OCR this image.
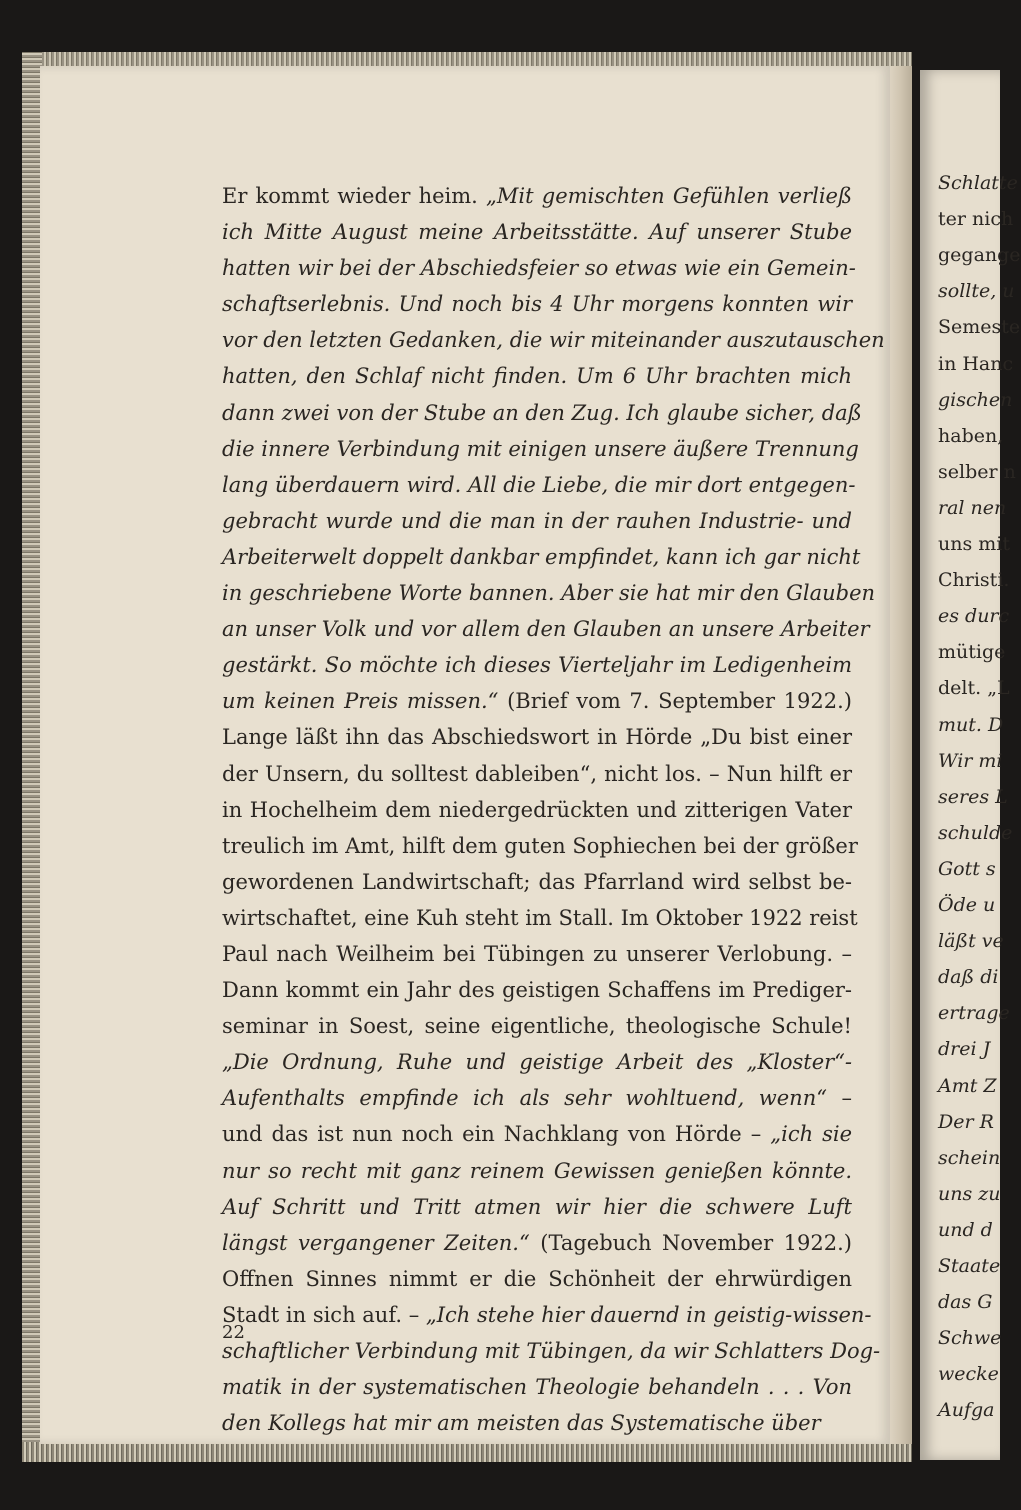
Er kommt wieder heim. „Mit gemischten Gefühlen verließ
ich Mitte August meine Arbeitsstätte. Auf unserer Stube
hatten wir bei der Abschiedsfeier so etwas wie ein Gemein-
schaftserlebnis. Und noch bis 4 Uhr morgens konnten wir
vor den letzten Gedanken, die wir miteinander auszutauschen
hatten, den Schlaf nicht finden. Um 6 Uhr brachten mich
dann zwei von der Stube an den Zug. Ich glaube sicher, daß
die innere Verbindung mit einigen unsere äußere Trennung
lang überdauern wird. All die Liebe, die mir dort entgegen-
gebracht wurde und die man in der rauhen Industrie- und
Arbeiterwelt doppelt dankbar empfindet, kann ich gar nicht
in geschriebene Worte bannen. Aber sie hat mir den Glauben
an unser Volk und vor allem den Glauben an unsere Arbeiter
gestärkt. So möchte ich dieses Vierteljahr im Ledigenheim
um keinen Preis missen.“ (Brief vom 7. September 1922.)
Lange läßt ihn das Abschiedswort in Hörde „Du bist einer
der Unsern, du solltest dableiben“, nicht los. – Nun hilft er
in Hochelheim dem niedergedrückten und zitterigen Vater
treulich im Amt, hilft dem guten Sophiechen bei der größer
gewordenen Landwirtschaft; das Pfarrland wird selbst be-
wirtschaftet, eine Kuh steht im Stall. Im Oktober 1922 reist
Paul nach Weilheim bei Tübingen zu unserer Verlobung. –
Dann kommt ein Jahr des geistigen Schaffens im Prediger-
seminar in Soest, seine eigentliche, theologische Schule!
„Die Ordnung, Ruhe und geistige Arbeit des „Kloster“-
Aufenthalts empfinde ich als sehr wohltuend, wenn“ –
und das ist nun noch ein Nachklang von Hörde – „ich sie
nur so recht mit ganz reinem Gewissen genießen könnte.
Auf Schritt und Tritt atmen wir hier die schwere Luft
längst vergangener Zeiten.“ (Tagebuch November 1922.)
Offnen Sinnes nimmt er die Schönheit der ehrwürdigen
Stadt in sich auf. – „Ich stehe hier dauernd in geistig-wissen-
schaftlicher Verbindung mit Tübingen, da wir Schlatters Dog-
matik in der systematischen Theologie behandeln . . . Von
den Kollegs hat mir am meisten das Systematische über
22
Schlatte
ter nich
gegange
sollte, u
Semeste
in Hanc
gischen
haben,
selber n
ral nen
uns mit
Christi.
es durc
mütige
delt. „L
mut. D
Wir mi
seres L
schulde
Gott s
Öde u
läßt ve
daß di
ertrage
drei J
Amt Z
Der R
schein
uns zu
und d
Staate
das G
Schwe
wecke
Aufga
